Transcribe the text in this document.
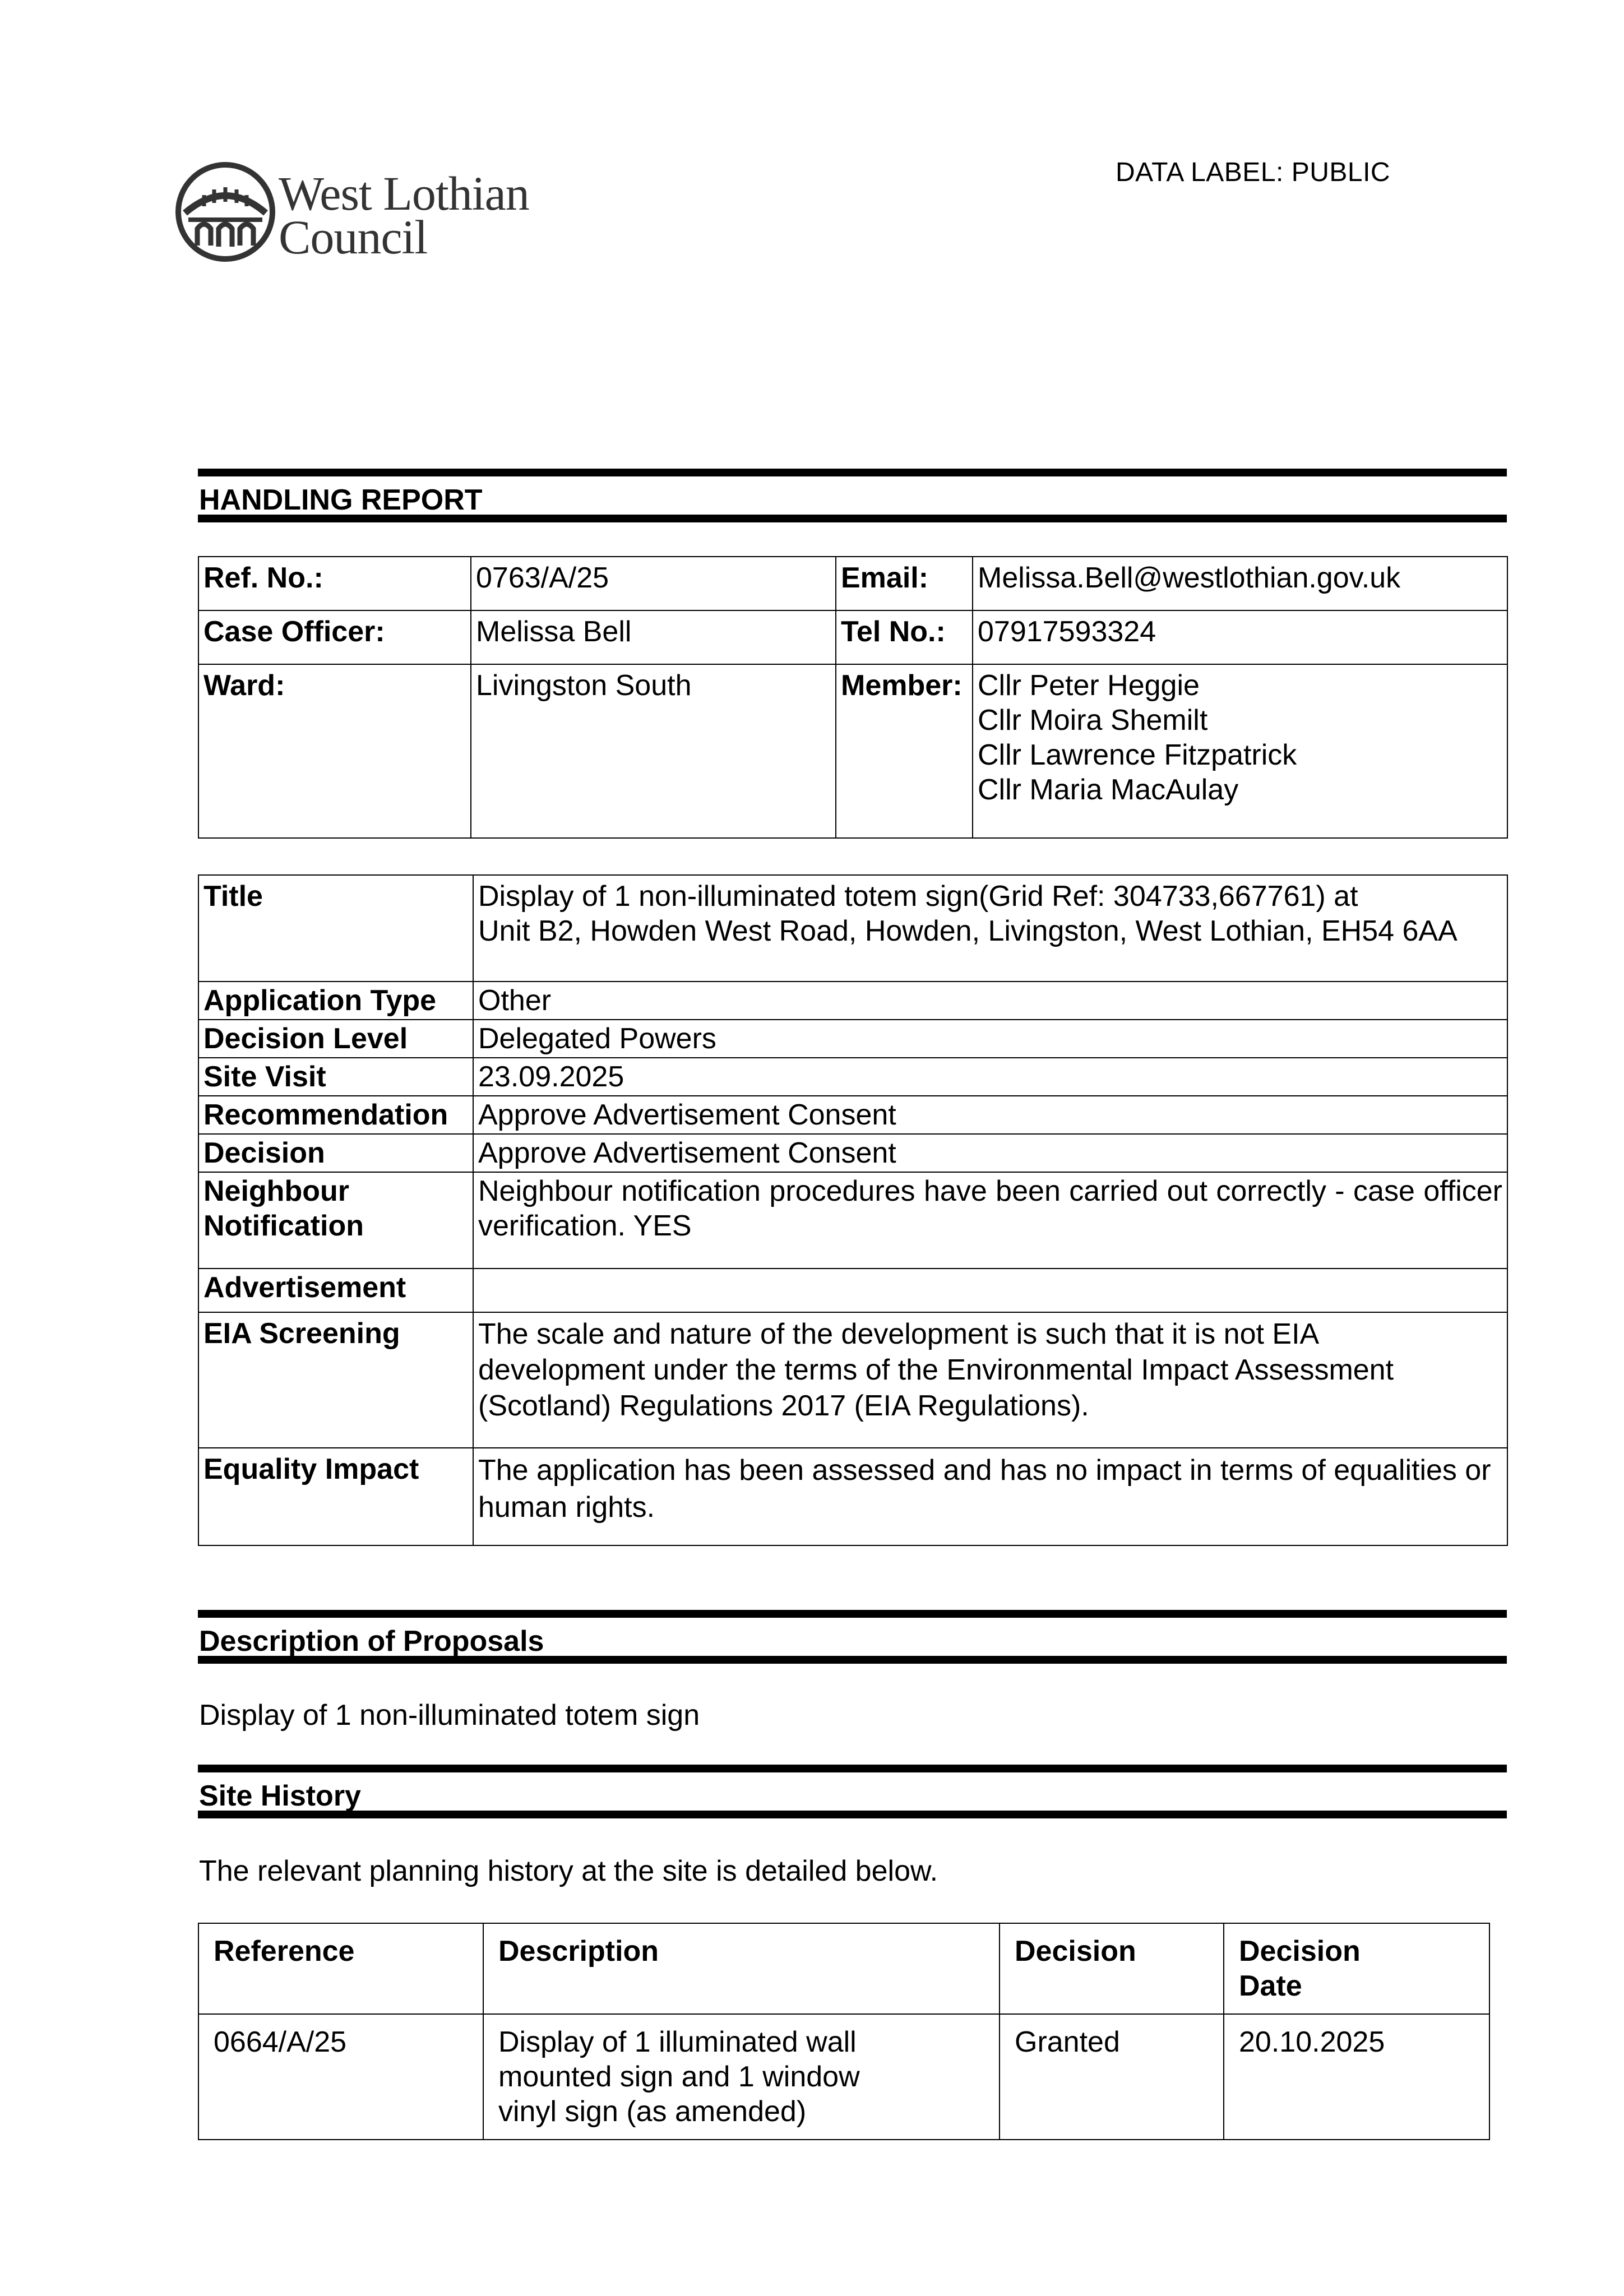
West Lothian
Council
DATA LABEL: PUBLIC
HANDLING REPORT
Ref. No.:	0763/A/25	Email:	Melissa.Bell@westlothian.gov.uk
Case Officer:	Melissa Bell	Tel No.:	07917593324
Ward:	Livingston South	Member:	Cllr Peter Heggie
Cllr Moira Shemilt
Cllr Lawrence Fitzpatrick
Cllr Maria MacAulay
Title	Display of 1 non-illuminated totem sign(Grid Ref: 304733,667761) at
Unit B2, Howden West Road, Howden, Livingston, West Lothian, EH54 6AA

Application Type	Other
Decision Level	Delegated Powers
Site Visit	23.09.2025
Recommendation	Approve Advertisement Consent
Decision	Approve Advertisement Consent

Neighbour
Notification	Neighbour notification procedures have been carried out correctly - case officer verification. YES
Advertisement	
EIA Screening	The scale and nature of the development is such that it is not EIA
development under the terms of the Environmental Impact Assessment
(Scotland) Regulations 2017 (EIA Regulations).

Equality Impact	The application has been assessed and has no impact in terms of equalities or human rights.
Description of Proposals
Display of 1 non-illuminated totem sign
Site History
The relevant planning history at the site is detailed below.
Reference	Description	Decision	Decision
Date

0664/A/25	Display of 1 illuminated wall
mounted sign and 1 window
vinyl sign (as amended)	Granted	20.10.2025
